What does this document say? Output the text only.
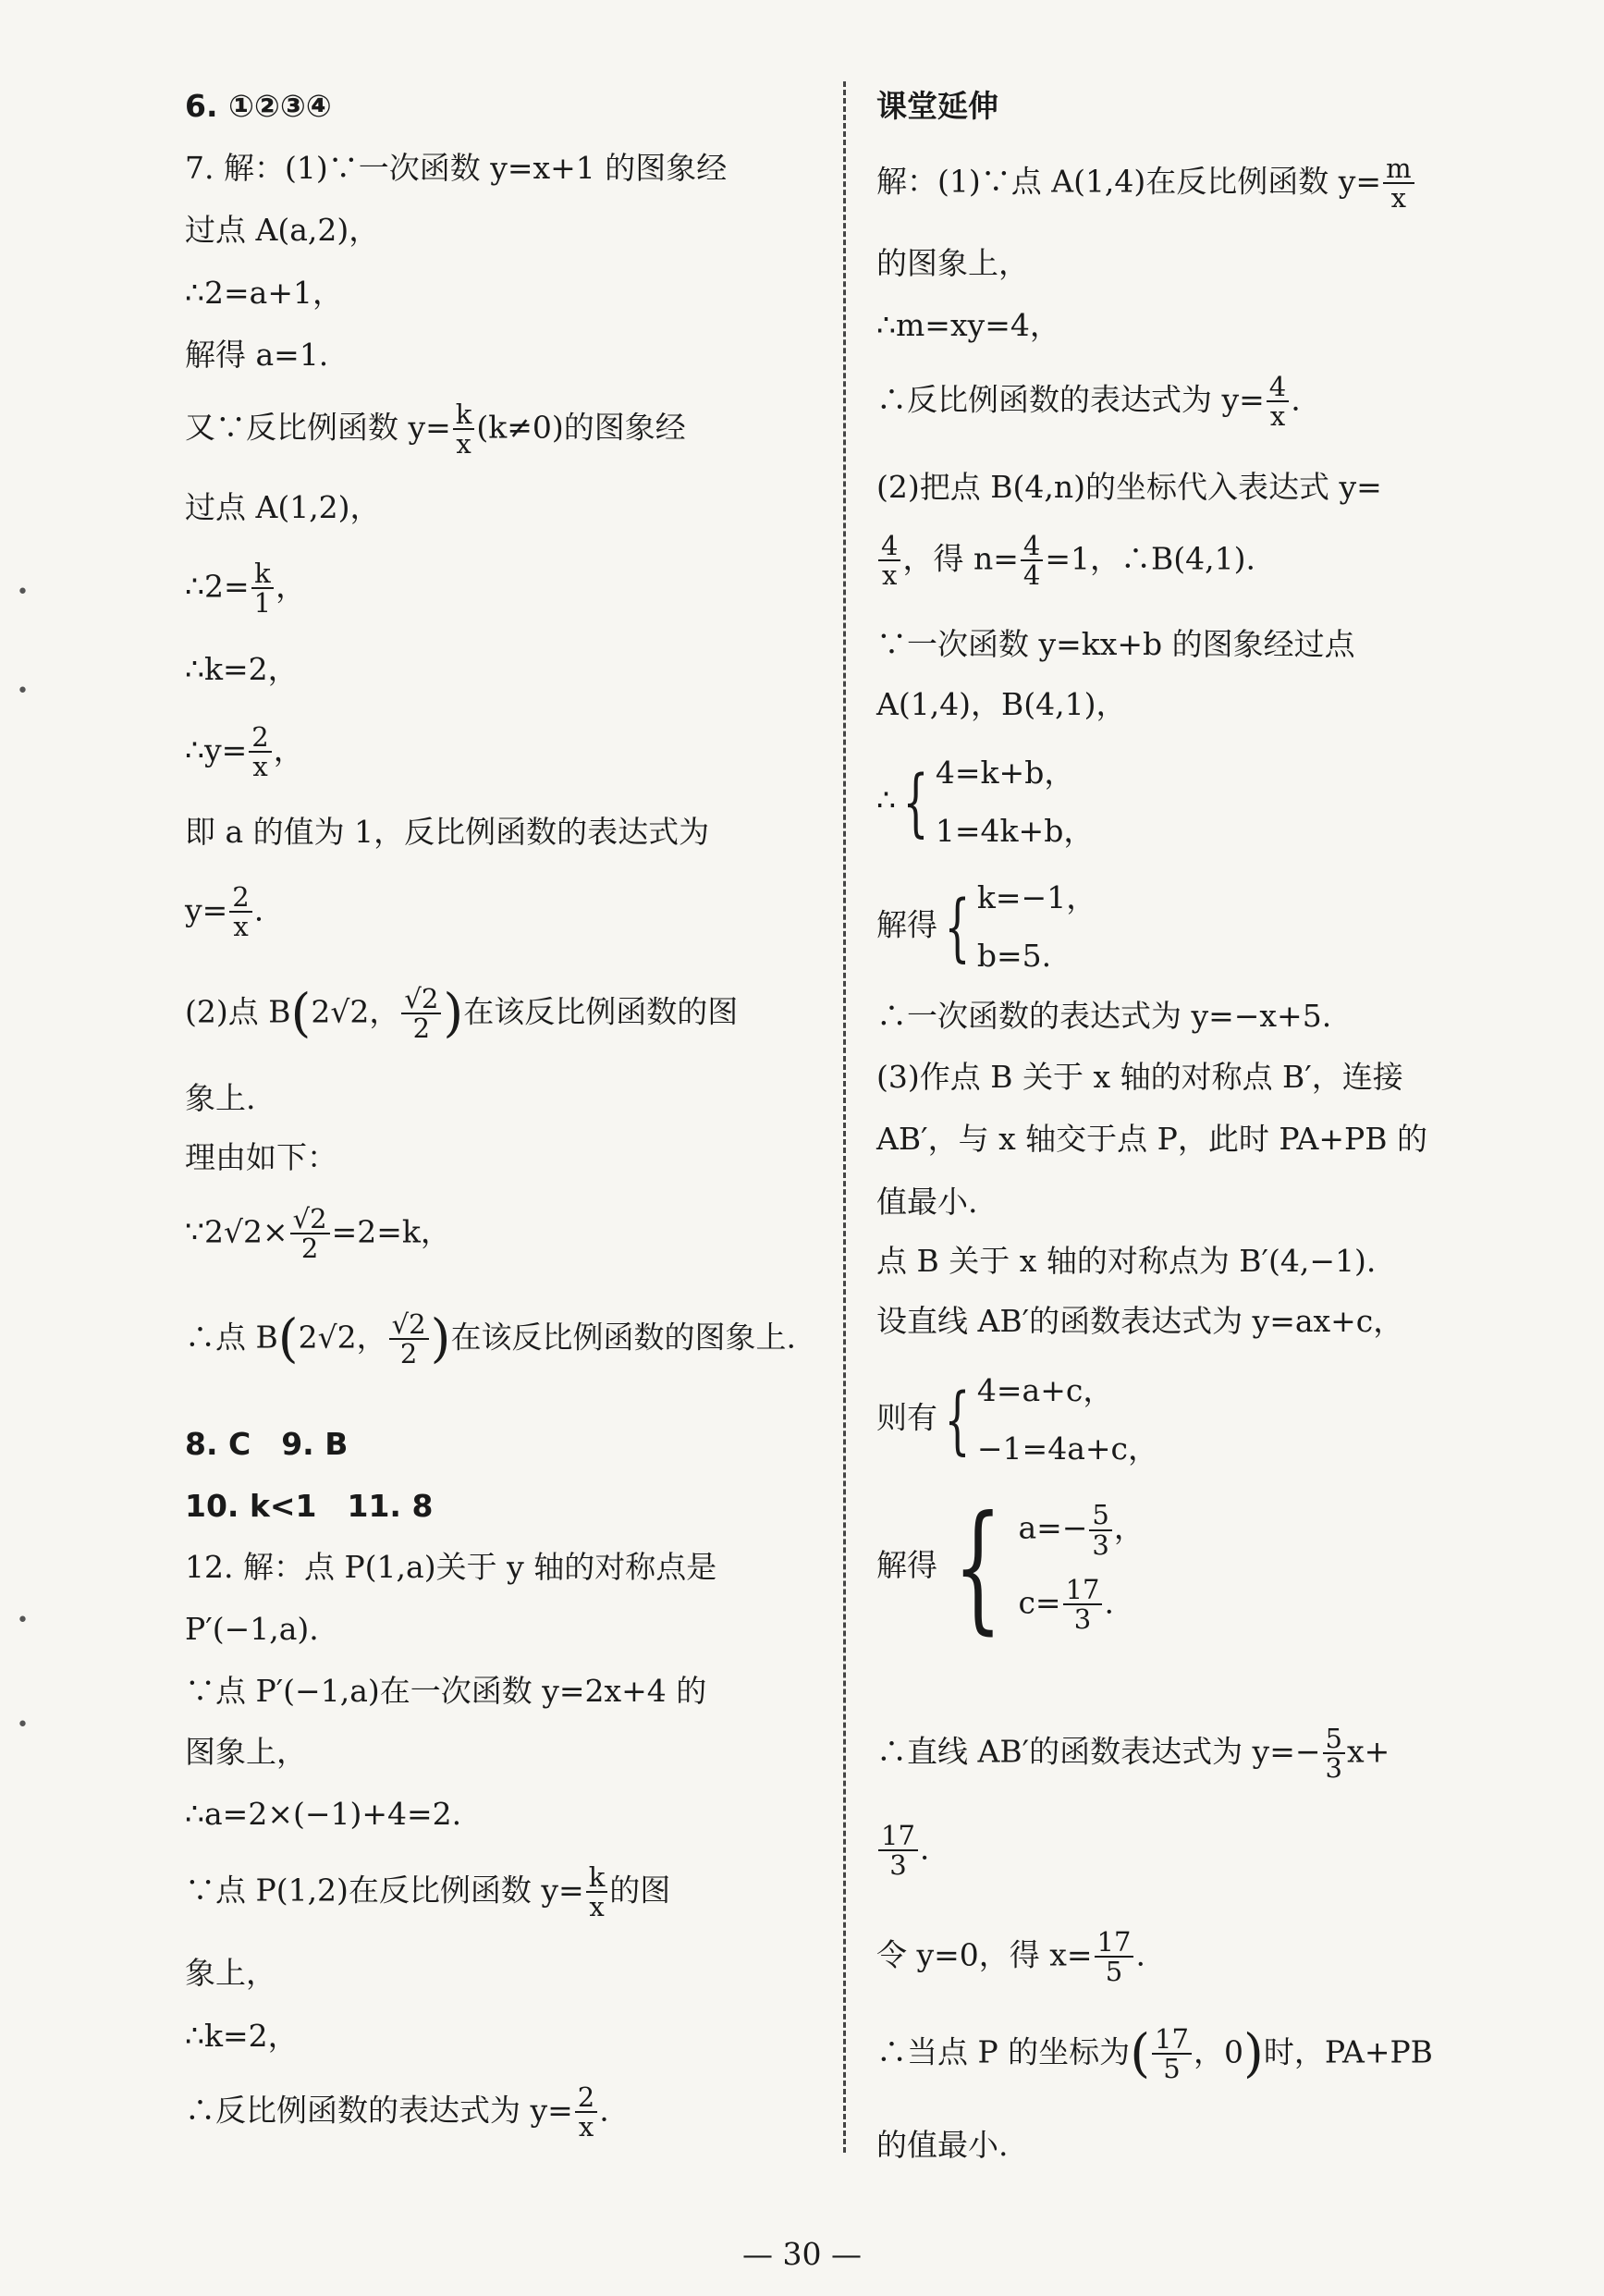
•
•
•
•
6. ①②③④
7. 解：(1)∵一次函数 y=x+1 的图象经
过点 A(a,2)，
∴2=a+1，
解得 a=1.
又∵反比例函数 $y= \frac{k}{x} (k\ne 0)$的图象经
过点 A(1,2)，
∴2= $\frac{k}{1}$ ，
∴k=2，
∴y= $\frac{2}{x}$ ，
即 a 的值为 1，反比例函数的表达式为
$y= \frac{2}{x}$ .
(2)点 B(2√2， $\frac{√2}{2}$ )在该反比例函数的图
象上.
理由如下：
∵2√2× $\frac{√2}{2} =2=k$，
∴点 B(2√2， $\frac{√2}{2}$ )在该反比例函数的图象上.
8. C　9. B
10. k<1　11. 8
12. 解：点 P(1,a)关于 y 轴的对称点是
P′(−1,a).
∵点 P′(−1,a)在一次函数 y=2x+4 的
图象上，
∴a=2×(−1)+4=2.
∵点 P(1,2)在反比例函数 $y= \frac{k}{x}$ 的图
象上，
∴k=2，
∴反比例函数的表达式为 $y= \frac{2}{x}$ .
课堂延伸
解：(1)∵点 A(1,4)在反比例函数 $y= \frac{m}{x}$
的图象上，
∴m=xy=4，
∴反比例函数的表达式为 $y= \frac{4}{x}$ .
(2)把点 B(4,n)的坐标代入表达式 y=
$\frac{4}{x}$ ，得 $n= \frac{4}{4} =1$，∴B(4,1).
∵一次函数 y=kx+b 的图象经过点
A(1,4)，B(4,1)，
∴{ 4=k+b，
1=4k+b，
解得{ k=−1，
b=5.
∴一次函数的表达式为 y=−x+5.
(3)作点 B 关于 x 轴的对称点 B′，连接
AB′，与 x 轴交于点 P，此时 PA+PB 的
值最小.
点 B 关于 x 轴的对称点为 B′(4,−1).
设直线 AB′的函数表达式为 y=ax+c，
则有{ 4=a+c，
−1=4a+c，
解得 { $a=- \frac{5}{3}$ ，
$c= \frac{17}{3}$ .
∴直线 AB′的函数表达式为 $y=- \frac{5}{3} x+$
$\frac{17}{3}$ .
令 y=0，得 $x= \frac{17}{5}$ .
∴当点 P 的坐标为( $\frac{17}{5}$ ，0)时，PA+PB
的值最小.
— 30 —
